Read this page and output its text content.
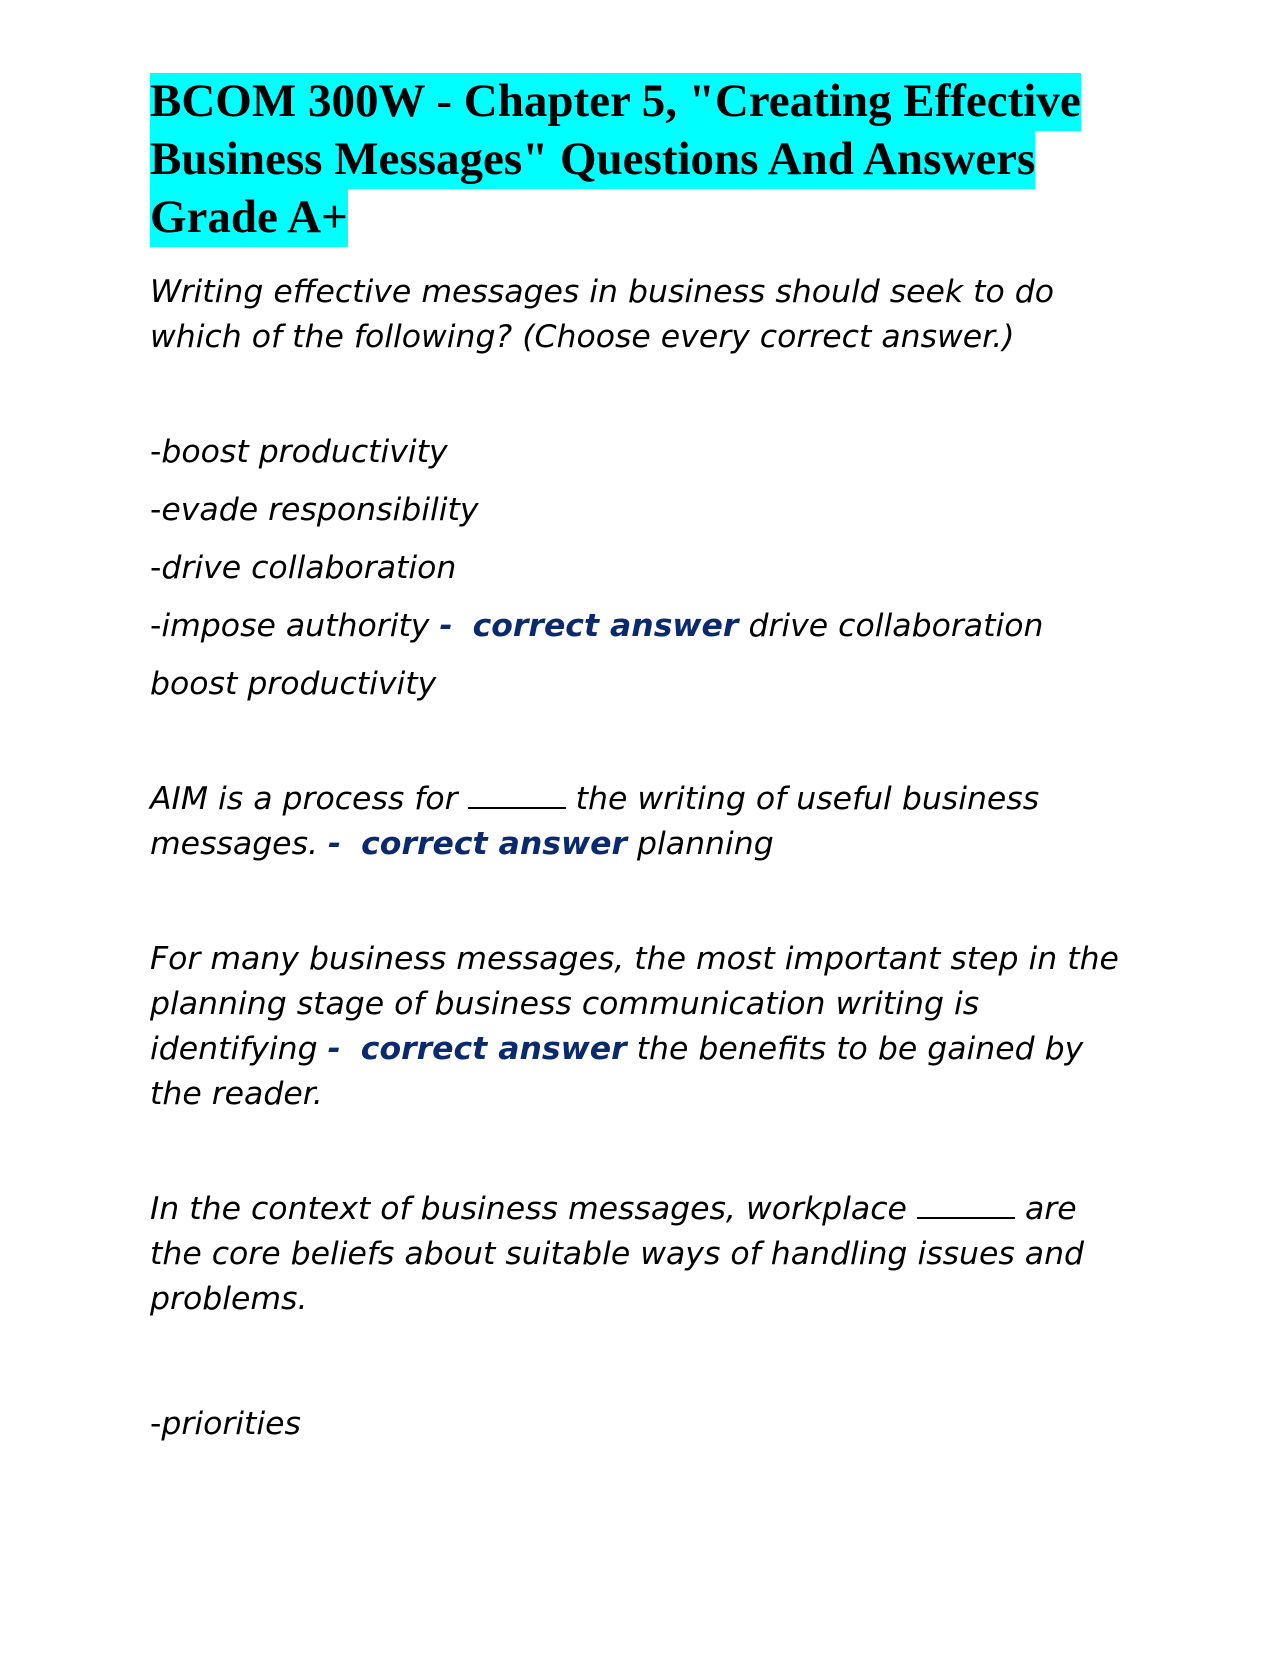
BCOM 300W - Chapter 5, "Creating Effective Business Messages" Questions And Answers Grade A+

Writing effective messages in business should seek to do which of the following? (Choose every correct answer.)

-boost productivity

-evade responsibility

-drive collaboration

-impose authority - correct answer drive collaboration

boost productivity

AIM is a process for	the writing of useful business messages. - correct answer planning

For many business messages, the most important step in the planning stage of business communication writing is identifying - correct answer the benefits to be gained by the reader.

In the context of business messages, workplace	are the core beliefs about suitable ways of handling issues and problems.

-priorities
